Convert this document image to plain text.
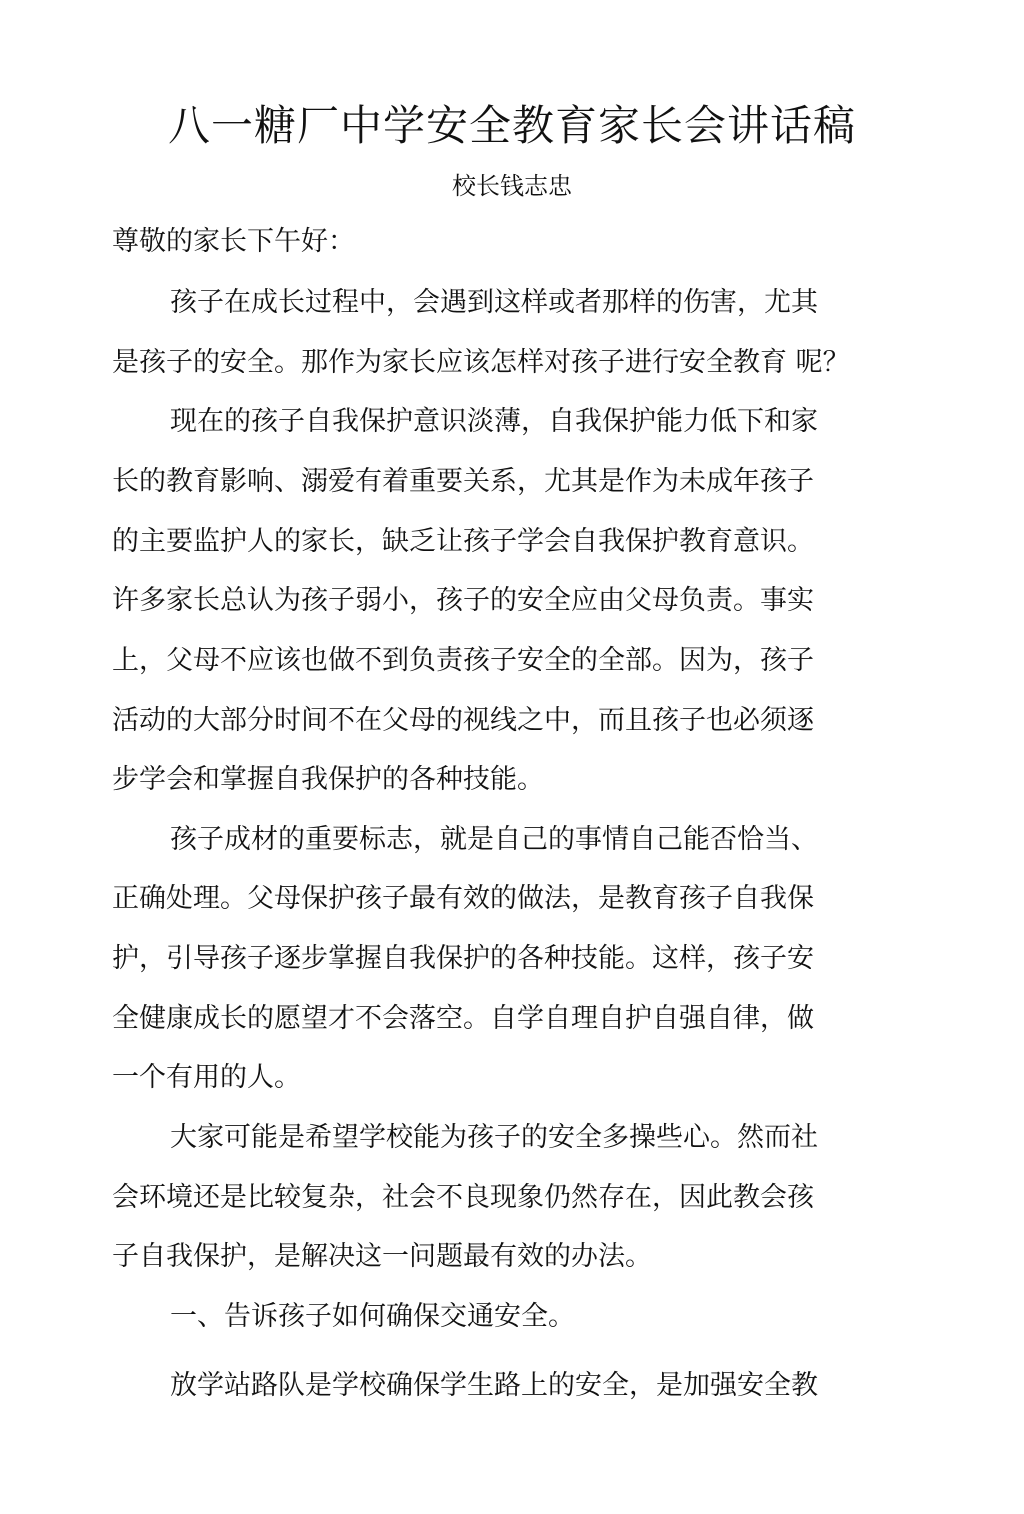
八一糖厂中学安全教育家长会讲话稿
校长钱志忠
尊敬的家长下午好：
孩子在成长过程中，会遇到这样或者那样的伤害，尤其
是孩子的安全。那作为家长应该怎样对孩子进行安全教育 呢？
现在的孩子自我保护意识淡薄，自我保护能力低下和家
长的教育影响、溺爱有着重要关系，尤其是作为未成年孩子
的主要监护人的家长，缺乏让孩子学会自我保护教育意识。
许多家长总认为孩子弱小，孩子的安全应由父母负责。事实
上，父母不应该也做不到负责孩子安全的全部。因为，孩子
活动的大部分时间不在父母的视线之中，而且孩子也必须逐
步学会和掌握自我保护的各种技能。
孩子成材的重要标志，就是自己的事情自己能否恰当、
正确处理。父母保护孩子最有效的做法，是教育孩子自我保
护，引导孩子逐步掌握自我保护的各种技能。这样，孩子安
全健康成长的愿望才不会落空。自学自理自护自强自律，做
一个有用的人。
大家可能是希望学校能为孩子的安全多操些心。然而社
会环境还是比较复杂，社会不良现象仍然存在，因此教会孩
子自我保护，是解决这一问题最有效的办法。
一、告诉孩子如何确保交通安全。
放学站路队是学校确保学生路上的安全，是加强安全教
